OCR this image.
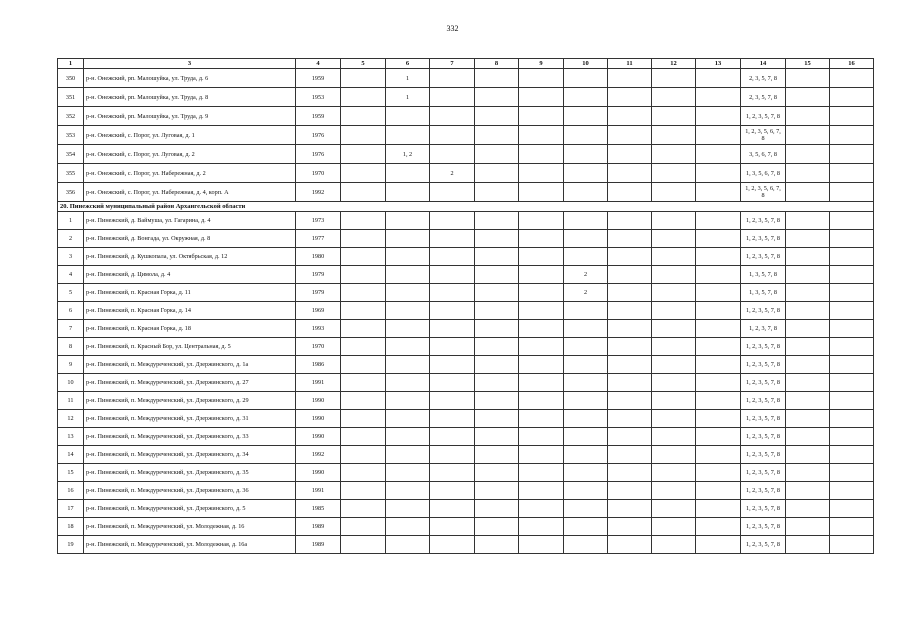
332
1	3	4	5	6	7	8	9	10	11	12	13	14	15	16
350	р-н. Онежский, рп. Малошуйка, ул. Труда, д. 6	1959		1								2, 3, 5, 7, 8		
351	р-н. Онежский, рп. Малошуйка, ул. Труда, д. 8	1953		1								2, 3, 5, 7, 8		
352	р-н. Онежский, рп. Малошуйка, ул. Труда, д. 9	1959										1, 2, 3, 5, 7, 8		
353	р-н. Онежский, с. Порог, ул. Луговая, д. 1	1976										1, 2, 3, 5, 6, 7, 8		
354	р-н. Онежский, с. Порог, ул. Луговая, д. 2	1976		1, 2								3, 5, 6, 7, 8		
355	р-н. Онежский, с. Порог, ул. Набережная, д. 2	1970			2							1, 3, 5, 6, 7, 8		
356	р-н. Онежский, с. Порог, ул. Набережная, д. 4, корп. А	1992										1, 2, 3, 5, 6, 7, 8		
20. Пинежский муниципальный район Архангельской области														
1	р-н. Пинежский, д. Ваймуша, ул. Гагарина, д. 4	1973										1, 2, 3, 5, 7, 8		
2	р-н. Пинежский, д. Вонгада, ул. Окружная, д. 8	1977										1, 2, 3, 5, 7, 8		
3	р-н. Пинежский, д. Кушкопала, ул. Октябрьская, д. 12	1980										1, 2, 3, 5, 7, 8		
4	р-н. Пинежский, д. Цимола, д. 4	1979						2				1, 3, 5, 7, 8		
5	р-н. Пинежский, п. Красная Горка, д. 11	1979						2				1, 3, 5, 7, 8		
6	р-н. Пинежский, п. Красная Горка, д. 14	1969										1, 2, 3, 5, 7, 8		
7	р-н. Пинежский, п. Красная Горка, д. 18	1993										1, 2, 3, 7, 8		
8	р-н. Пинежский, п. Красный Бор, ул. Центральная, д. 5	1970										1, 2, 3, 5, 7, 8		
9	р-н. Пинежский, п. Междуреченский, ул. Дзержинского, д. 1а	1986										1, 2, 3, 5, 7, 8		
10	р-н. Пинежский, п. Междуреченский, ул. Дзержинского, д. 27	1991										1, 2, 3, 5, 7, 8		
11	р-н. Пинежский, п. Междуреченский, ул. Дзержинского, д. 29	1990										1, 2, 3, 5, 7, 8		
12	р-н. Пинежский, п. Междуреченский, ул. Дзержинского, д. 31	1990										1, 2, 3, 5, 7, 8		
13	р-н. Пинежский, п. Междуреченский, ул. Дзержинского, д. 33	1990										1, 2, 3, 5, 7, 8		
14	р-н. Пинежский, п. Междуреченский, ул. Дзержинского, д. 34	1992										1, 2, 3, 5, 7, 8		
15	р-н. Пинежский, п. Междуреченский, ул. Дзержинского, д. 35	1990										1, 2, 3, 5, 7, 8		
16	р-н. Пинежский, п. Междуреченский, ул. Дзержинского, д. 36	1991										1, 2, 3, 5, 7, 8		
17	р-н. Пинежский, п. Междуреченский, ул. Дзержинского, д. 5	1985										1, 2, 3, 5, 7, 8		
18	р-н. Пинежский, п. Междуреченский, ул. Молодежная, д. 16	1989										1, 2, 3, 5, 7, 8		
19	р-н. Пинежский, п. Междуреченский, ул. Молодежная, д. 16а	1989										1, 2, 3, 5, 7, 8		
